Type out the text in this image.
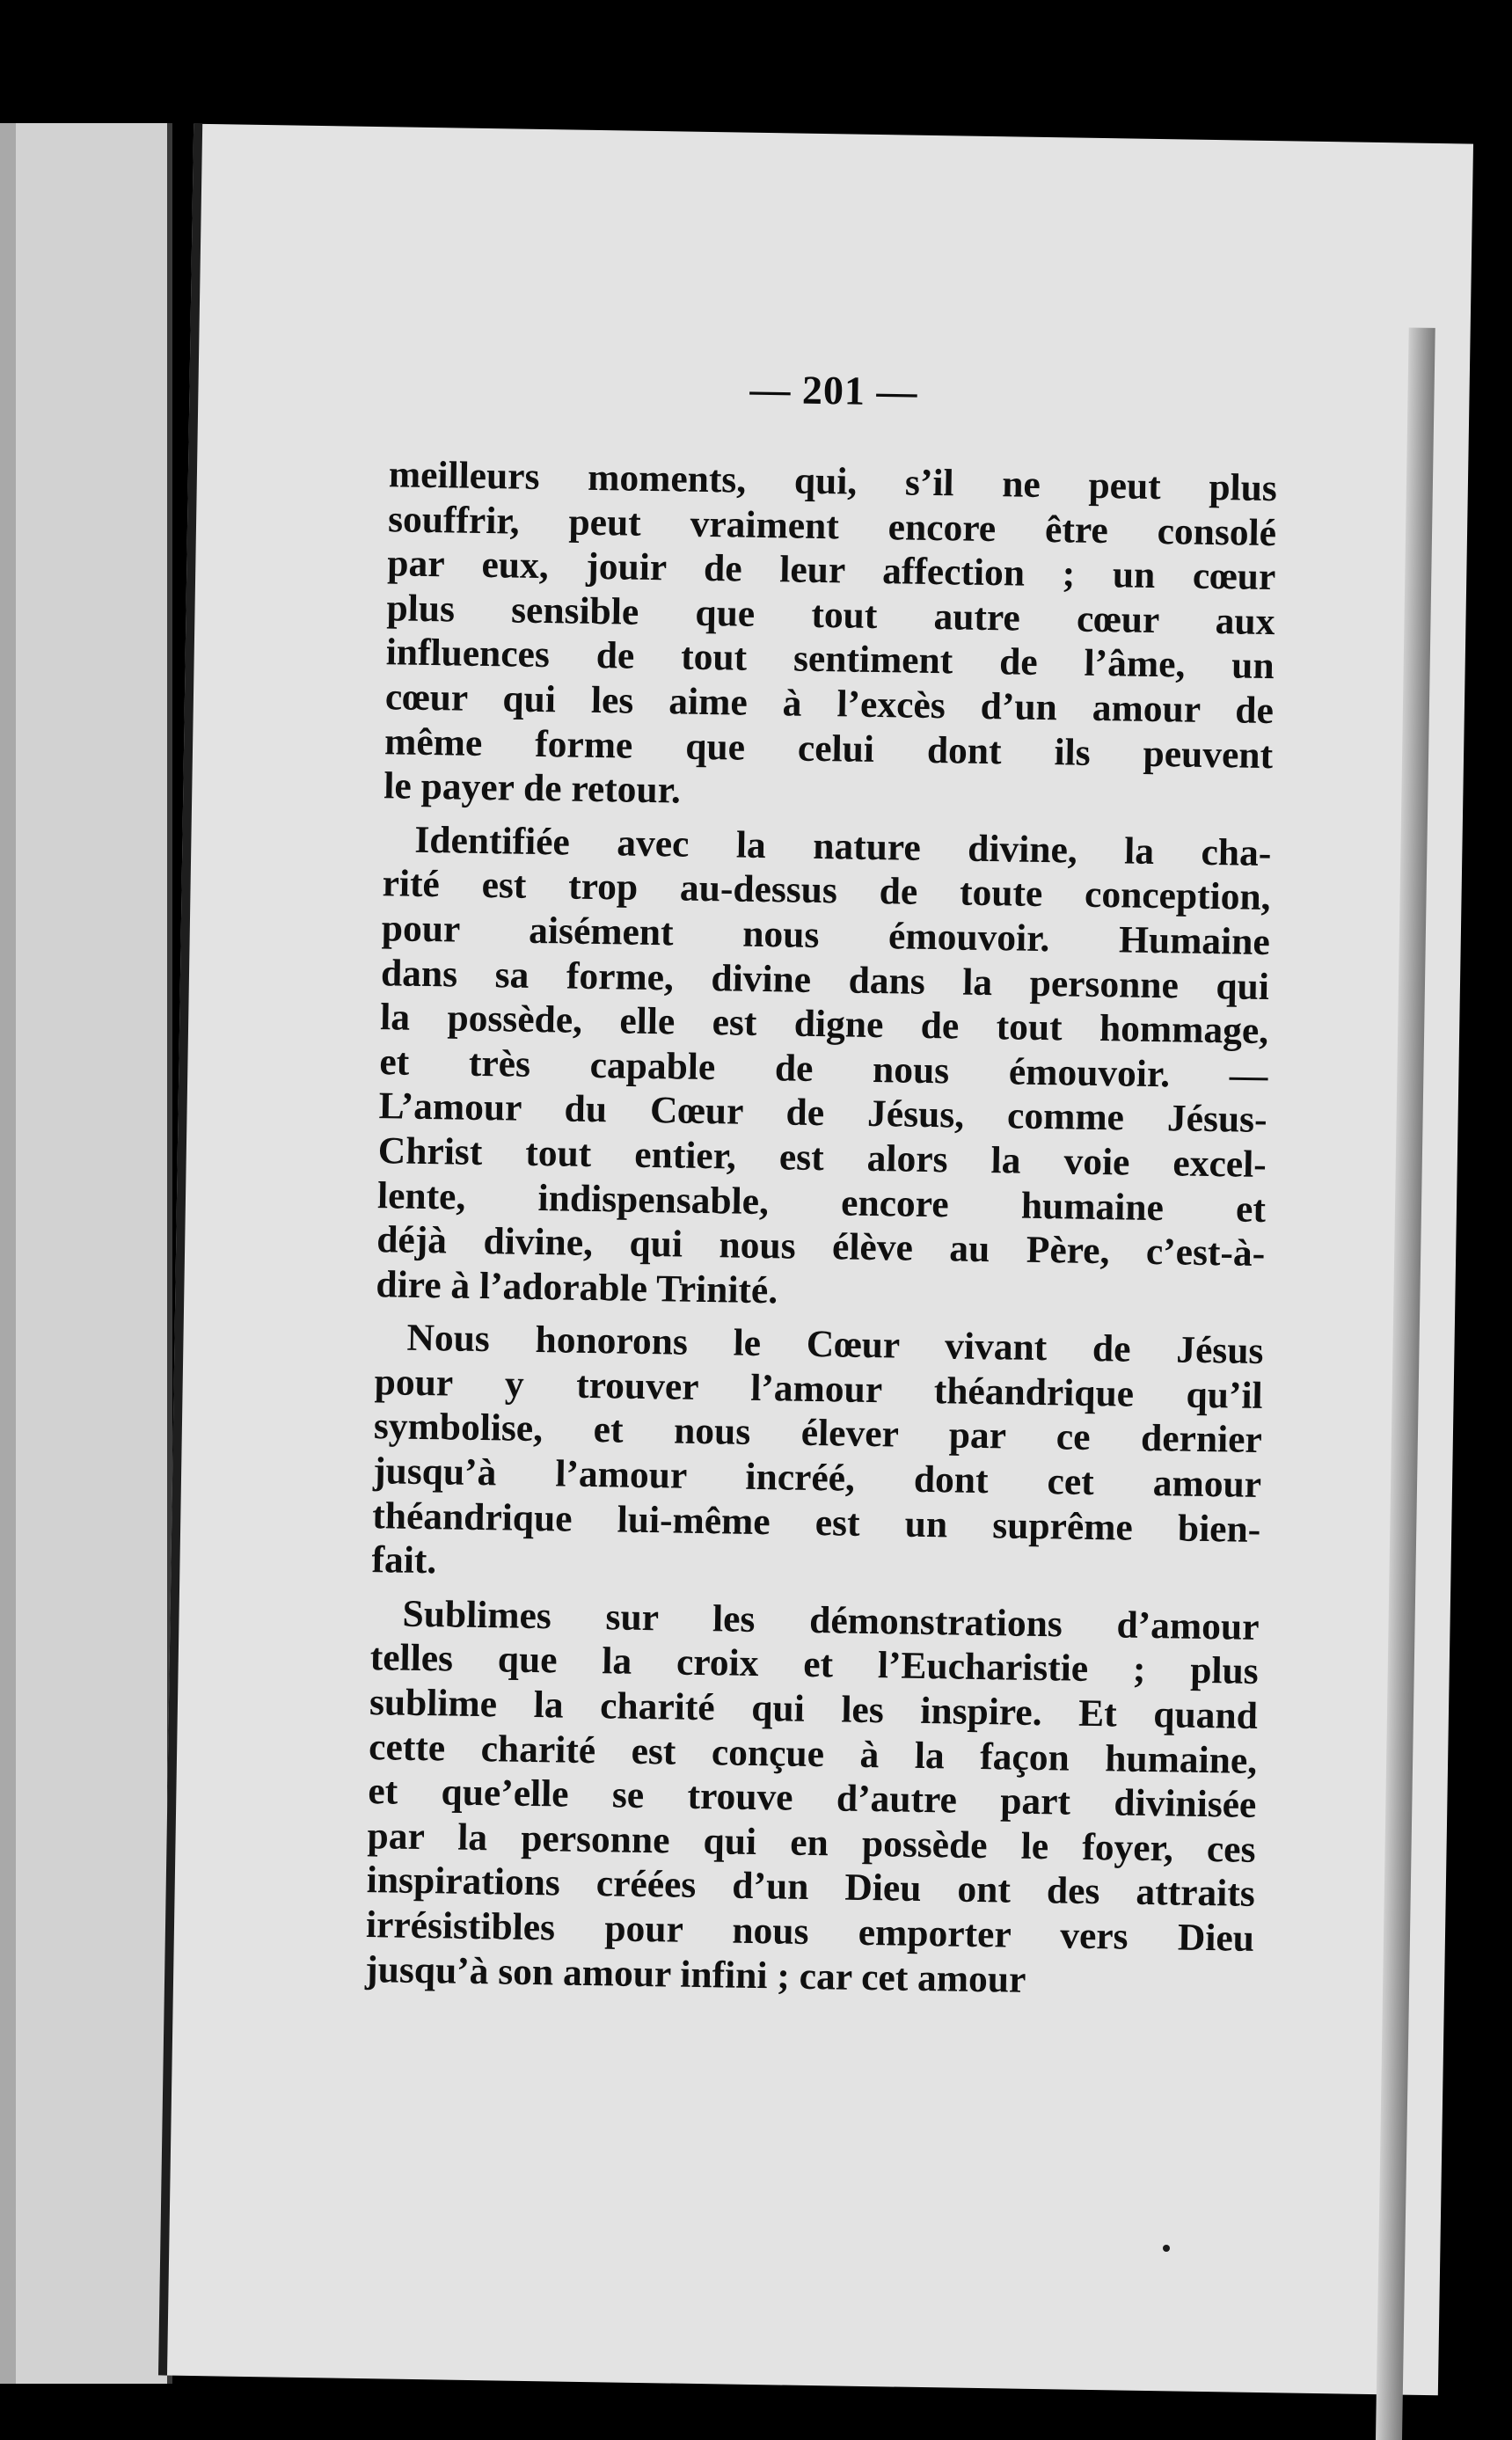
— 201 —
meilleurs moments, qui, s’il ne peut plus
souffrir, peut vraiment encore être consolé
par eux, jouir de leur affection ; un cœur
plus sensible que tout autre cœur aux
influences de tout sentiment de l’âme, un
cœur qui les aime à l’excès d’un amour de
même forme que celui dont ils peuvent
le payer de retour.
Identifiée avec la nature divine, la cha-
rité est trop au-dessus de toute conception,
pour aisément nous émouvoir. Humaine
dans sa forme, divine dans la personne qui
la possède, elle est digne de tout hommage,
et très capable de nous émouvoir. —
L’amour du Cœur de Jésus, comme Jésus-
Christ tout entier, est alors la voie excel-
lente, indispensable, encore humaine et
déjà divine, qui nous élève au Père, c’est-à-
dire à l’adorable Trinité.
Nous honorons le Cœur vivant de Jésus
pour y trouver l’amour théandrique qu’il
symbolise, et nous élever par ce dernier
jusqu’à l’amour incréé, dont cet amour
théandrique lui-même est un suprême bien-
fait.
Sublimes sur les démonstrations d’amour
telles que la croix et l’Eucharistie ; plus
sublime la charité qui les inspire. Et quand
cette charité est conçue à la façon humaine,
et que’elle se trouve d’autre part divinisée
par la personne qui en possède le foyer, ces
inspirations créées d’un Dieu ont des attraits
irrésistibles pour nous emporter vers Dieu
jusqu’à son amour infini ; car cet amour
